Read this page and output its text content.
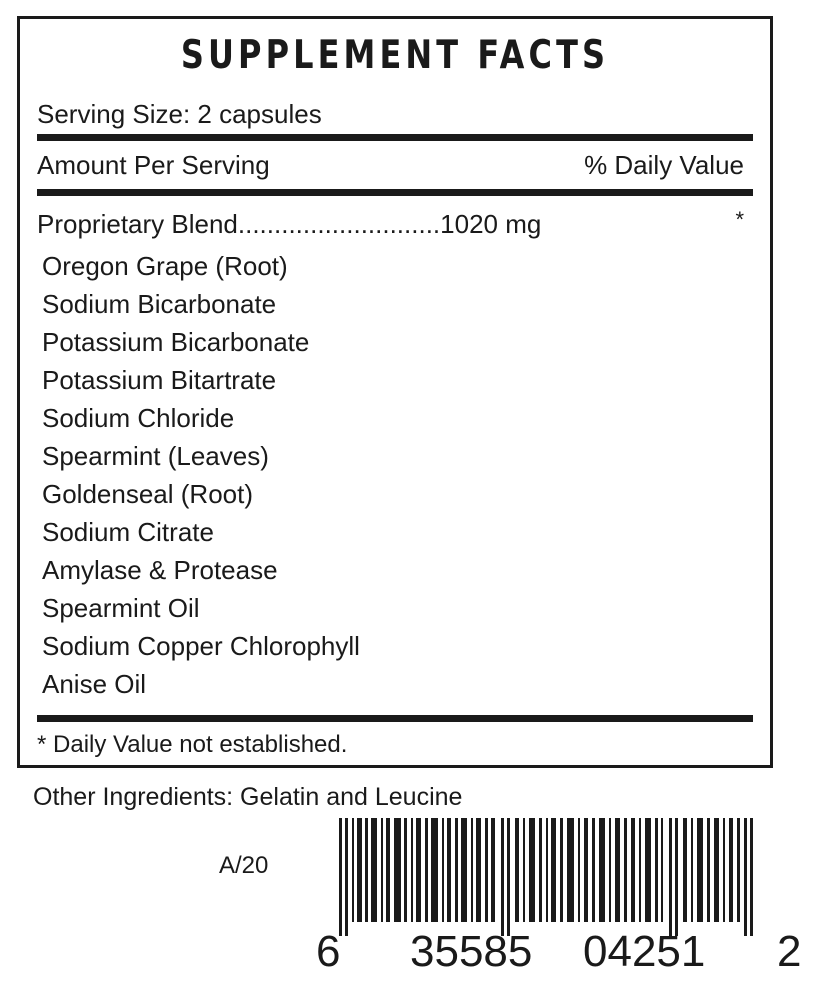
SUPPLEMENT FACTS
Serving Size: 2 capsules
Amount Per Serving	% Daily Value
Proprietary Blend............................1020 mg	*
Oregon Grape (Root)
Sodium Bicarbonate
Potassium Bicarbonate
Potassium Bitartrate
Sodium Chloride
Spearmint (Leaves)
Goldenseal (Root)
Sodium Citrate
Amylase & Protease
Spearmint Oil
Sodium Copper Chlorophyll
Anise Oil
* Daily Value not established.
Other Ingredients: Gelatin and Leucine
A/20
6 35585 04251 2
